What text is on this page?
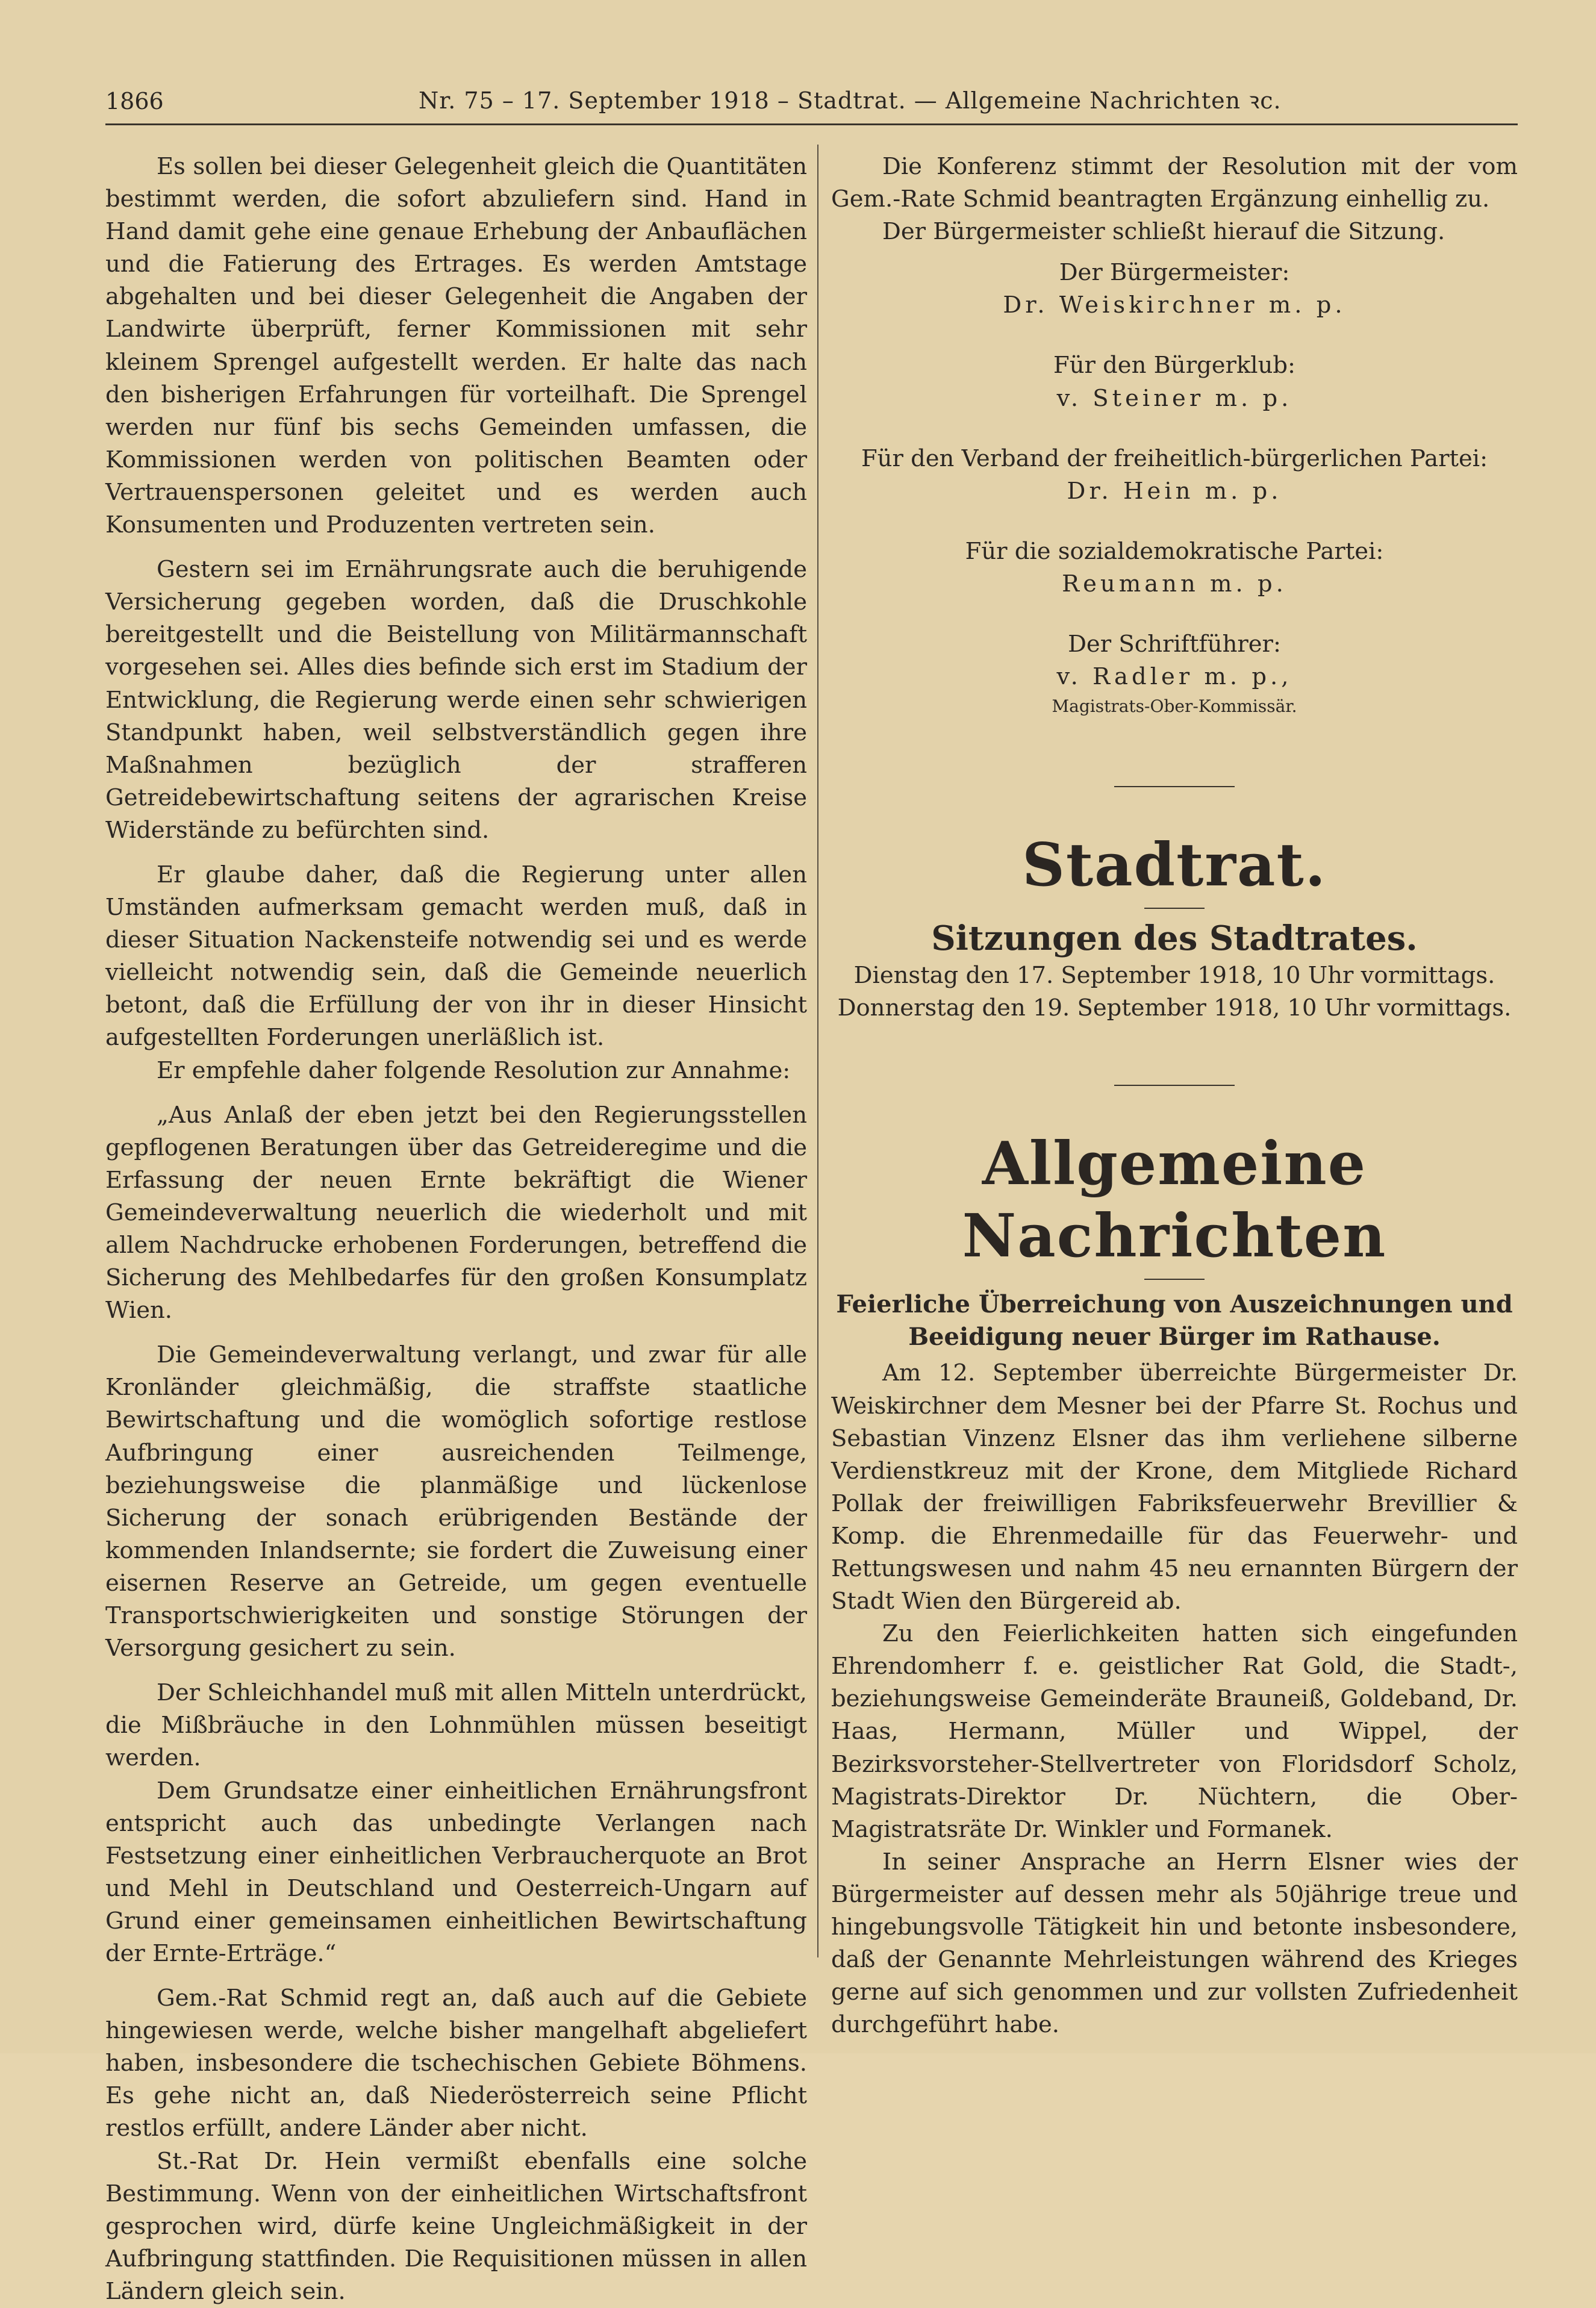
1866	Nr. 75 – 17. September 1918 – Stadtrat. — Allgemeine Nachrichten ꝛc.

Es sollen bei dieser Gelegenheit gleich die Quantitäten bestimmt werden, die sofort abzuliefern sind. Hand in Hand damit gehe eine genaue Erhebung der Anbauflächen und die Fatierung des Ertrages. Es werden Amtstage abgehalten und bei dieser Gelegenheit die Angaben der Landwirte überprüft, ferner Kommissionen mit sehr kleinem Sprengel aufgestellt werden. Er halte das nach den bisherigen Erfahrungen für vorteilhaft. Die Sprengel werden nur fünf bis sechs Gemeinden umfassen, die Kommissionen werden von politischen Beamten oder Vertrauenspersonen geleitet und es werden auch Konsumenten und Produzenten vertreten sein.

Gestern sei im Ernährungsrate auch die beruhigende Versicherung gegeben worden, daß die Druschkohle bereitgestellt und die Beistellung von Militärmannschaft vorgesehen sei. Alles dies befinde sich erst im Stadium der Entwicklung, die Regierung werde einen sehr schwierigen Standpunkt haben, weil selbstverständlich gegen ihre Maßnahmen bezüglich der strafferen Getreidebewirtschaftung seitens der agrarischen Kreise Widerstände zu befürchten sind.

Er glaube daher, daß die Regierung unter allen Umständen aufmerksam gemacht werden muß, daß in dieser Situation Nackensteife notwendig sei und es werde vielleicht notwendig sein, daß die Gemeinde neuerlich betont, daß die Erfüllung der von ihr in dieser Hinsicht aufgestellten Forderungen unerläßlich ist.

Er empfehle daher folgende Resolution zur Annahme:

„Aus Anlaß der eben jetzt bei den Regierungsstellen gepflogenen Beratungen über das Getreideregime und die Erfassung der neuen Ernte bekräftigt die Wiener Gemeindeverwaltung neuerlich die wiederholt und mit allem Nachdrucke erhobenen Forderungen, betreffend die Sicherung des Mehlbedarfes für den großen Konsumplatz Wien.

Die Gemeindeverwaltung verlangt, und zwar für alle Kronländer gleichmäßig, die straffste staatliche Bewirtschaftung und die womöglich sofortige restlose Aufbringung einer ausreichenden Teilmenge, beziehungsweise die planmäßige und lückenlose Sicherung der sonach erübrigenden Bestände der kommenden Inlandsernte; sie fordert die Zuweisung einer eisernen Reserve an Getreide, um gegen eventuelle Transportschwierigkeiten und sonstige Störungen der Versorgung gesichert zu sein.

Der Schleichhandel muß mit allen Mitteln unterdrückt, die Mißbräuche in den Lohnmühlen müssen beseitigt werden.

Dem Grundsatze einer einheitlichen Ernährungsfront entspricht auch das unbedingte Verlangen nach Festsetzung einer einheitlichen Verbraucherquote an Brot und Mehl in Deutschland und Oesterreich-Ungarn auf Grund einer gemeinsamen einheitlichen Bewirtschaftung der Ernte-Erträge.“

Gem.-Rat Schmid regt an, daß auch auf die Gebiete hingewiesen werde, welche bisher mangelhaft abgeliefert haben, insbesondere die tschechischen Gebiete Böhmens. Es gehe nicht an, daß Niederösterreich seine Pflicht restlos erfüllt, andere Länder aber nicht.

St.-Rat Dr. Hein vermißt ebenfalls eine solche Bestimmung. Wenn von der einheitlichen Wirtschaftsfront gesprochen wird, dürfe keine Ungleichmäßigkeit in der Aufbringung stattfinden. Die Requisitionen müssen in allen Ländern gleich sein.

Die Konferenz stimmt der Resolution mit der vom Gem.-Rate Schmid beantragten Ergänzung einhellig zu.

Der Bürgermeister schließt hierauf die Sitzung.

Der Bürgermeister:

Dr. Weiskirchner m. p.

Für den Bürgerklub:

v. Steiner m. p.

Für den Verband der freiheitlich-bürgerlichen Partei:

Dr. Hein m. p.

Für die sozialdemokratische Partei:

Reumann m. p.

Der Schriftführer:

v. Radler m. p.,

Magistrats-Ober-Kommissär.

Stadtrat.
Sitzungen des Stadtrates.

Dienstag den 17. September 1918, 10 Uhr vormittags.

Donnerstag den 19. September 1918, 10 Uhr vormittags.

Allgemeine Nachrichten
Feierliche Überreichung von Auszeichnungen und
Beeidigung neuer Bürger im Rathause.

Am 12. September überreichte Bürgermeister Dr. Weiskirchner dem Mesner bei der Pfarre St. Rochus und Sebastian Vinzenz Elsner das ihm verliehene silberne Verdienstkreuz mit der Krone, dem Mitgliede Richard Pollak der freiwilligen Fabriksfeuerwehr Brevillier & Komp. die Ehrenmedaille für das Feuerwehr- und Rettungswesen und nahm 45 neu ernannten Bürgern der Stadt Wien den Bürgereid ab.

Zu den Feierlichkeiten hatten sich eingefunden Ehrendomherr f. e. geistlicher Rat Gold, die Stadt-, beziehungsweise Gemeinderäte Brauneiß, Goldeband, Dr. Haas, Hermann, Müller und Wippel, der Bezirksvorsteher-Stellvertreter von Floridsdorf Scholz, Magistrats-Direktor Dr. Nüchtern, die Ober-Magistratsräte Dr. Winkler und Formanek.

In seiner Ansprache an Herrn Elsner wies der Bürgermeister auf dessen mehr als 50jährige treue und hingebungsvolle Tätigkeit hin und betonte insbesondere, daß der Genannte Mehrleistungen während des Krieges gerne auf sich genommen und zur vollsten Zufriedenheit durchgeführt habe.
